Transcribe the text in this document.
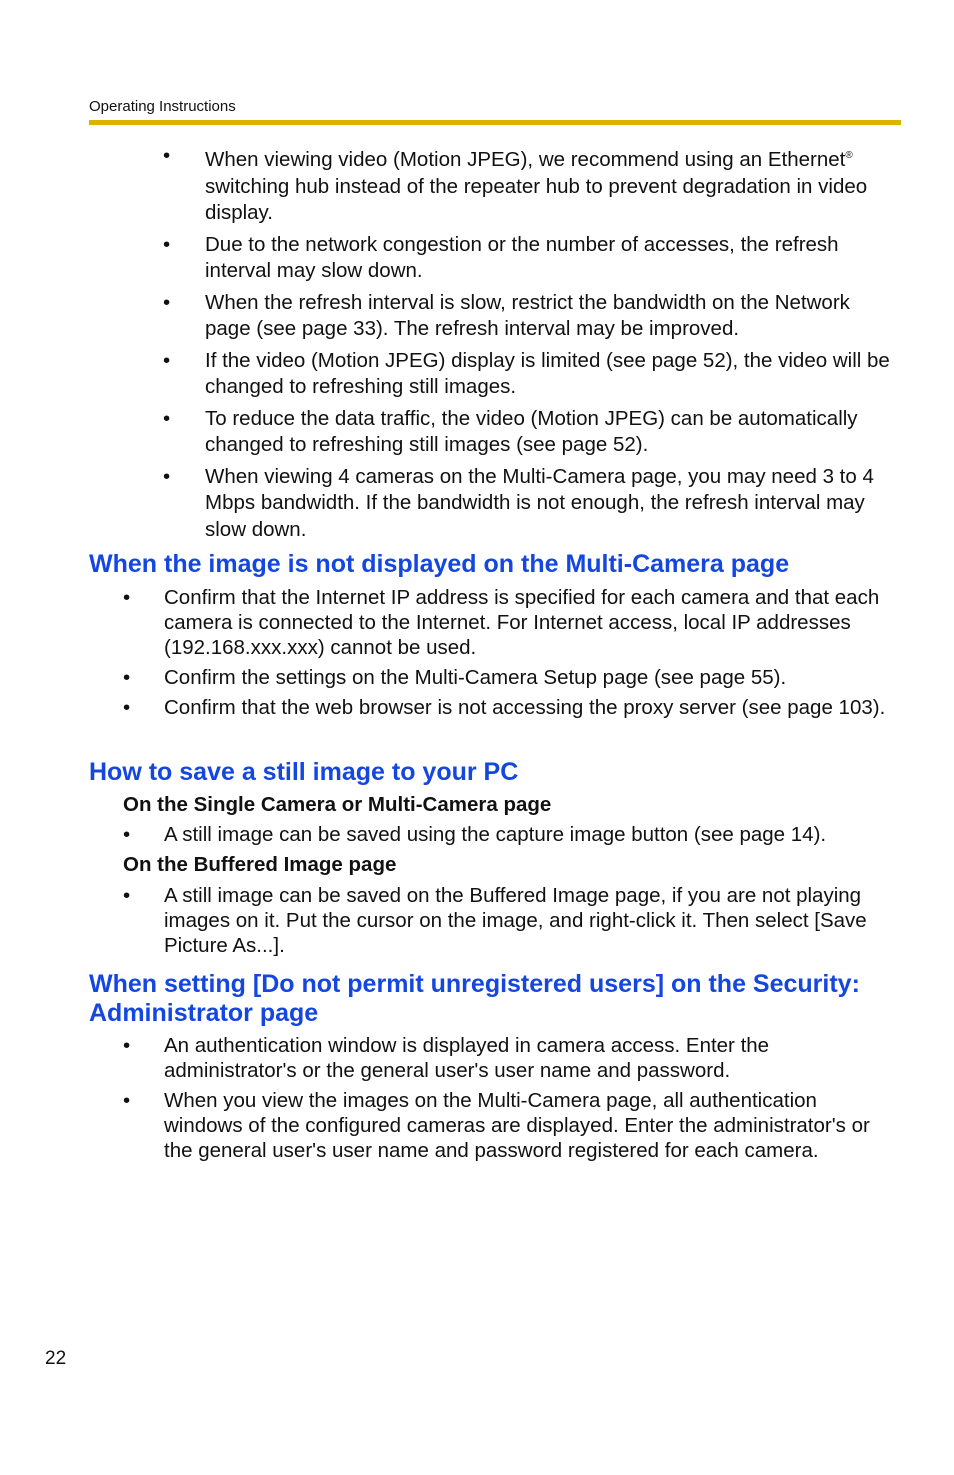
Operating Instructions
• When viewing video (Motion JPEG), we recommend using an Ethernet® switching hub instead of the repeater hub to prevent degradation in video display.
• Due to the network congestion or the number of accesses, the refresh interval may slow down.
• When the refresh interval is slow, restrict the bandwidth on the Network page (see page 33). The refresh interval may be improved.
• If the video (Motion JPEG) display is limited (see page 52), the video will be changed to refreshing still images.
• To reduce the data traffic, the video (Motion JPEG) can be automatically changed to refreshing still images (see page 52).
• When viewing 4 cameras on the Multi-Camera page, you may need 3 to 4 Mbps bandwidth. If the bandwidth is not enough, the refresh interval may slow down.
When the image is not displayed on the Multi-Camera page
• Confirm that the Internet IP address is specified for each camera and that each camera is connected to the Internet. For Internet access, local IP addresses (192.168.xxx.xxx) cannot be used.
• Confirm the settings on the Multi-Camera Setup page (see page 55).
• Confirm that the web browser is not accessing the proxy server (see page 103).
How to save a still image to your PC
On the Single Camera or Multi-Camera page
• A still image can be saved using the capture image button (see page 14).
On the Buffered Image page
• A still image can be saved on the Buffered Image page, if you are not playing images on it. Put the cursor on the image, and right-click it. Then select [Save Picture As...].
When setting [Do not permit unregistered users] on the Security: Administrator page
• An authentication window is displayed in camera access. Enter the administrator's or the general user's user name and password.
• When you view the images on the Multi-Camera page, all authentication windows of the configured cameras are displayed. Enter the administrator's or the general user's user name and password registered for each camera.
22
